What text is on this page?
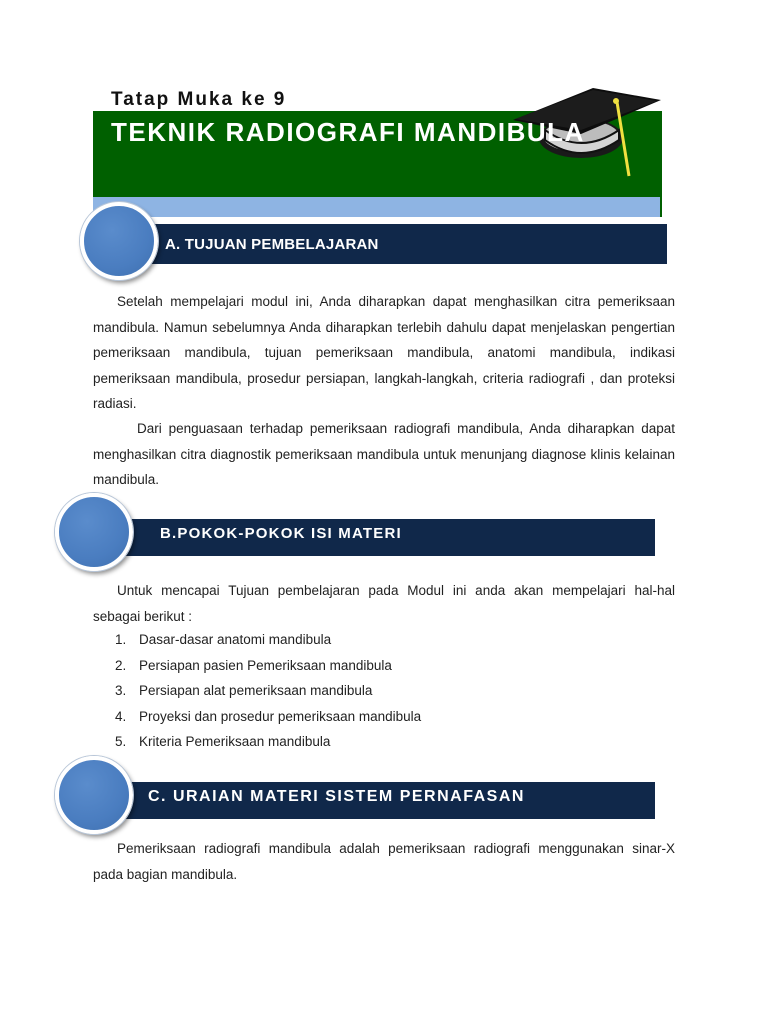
Tatap Muka ke 9
TEKNIK RADIOGRAFI MANDIBULA
A. TUJUAN PEMBELAJARAN

Setelah mempelajari modul ini, Anda diharapkan dapat menghasilkan citra pemeriksaan mandibula. Namun sebelumnya Anda diharapkan terlebih dahulu dapat menjelaskan pengertian pemeriksaan mandibula, tujuan pemeriksaan mandibula, anatomi mandibula, indikasi pemeriksaan mandibula, prosedur persiapan, langkah-langkah, criteria radiografi , dan proteksi radiasi.

Dari penguasaan terhadap pemeriksaan radiografi mandibula, Anda diharapkan dapat menghasilkan citra diagnostik pemeriksaan mandibula untuk menunjang diagnose klinis kelainan mandibula.

B.POKOK-POKOK ISI MATERI

Untuk mencapai Tujuan pembelajaran pada Modul ini anda akan mempelajari hal-hal sebagai berikut :

1. Dasar-dasar anatomi mandibula
2. Persiapan pasien Pemeriksaan mandibula
3. Persiapan alat pemeriksaan mandibula
4. Proyeksi dan prosedur pemeriksaan mandibula
5. Kriteria Pemeriksaan mandibula
C. URAIAN MATERI SISTEM PERNAFASAN

Pemeriksaan radiografi mandibula adalah pemeriksaan radiografi menggunakan sinar-X pada bagian mandibula.
